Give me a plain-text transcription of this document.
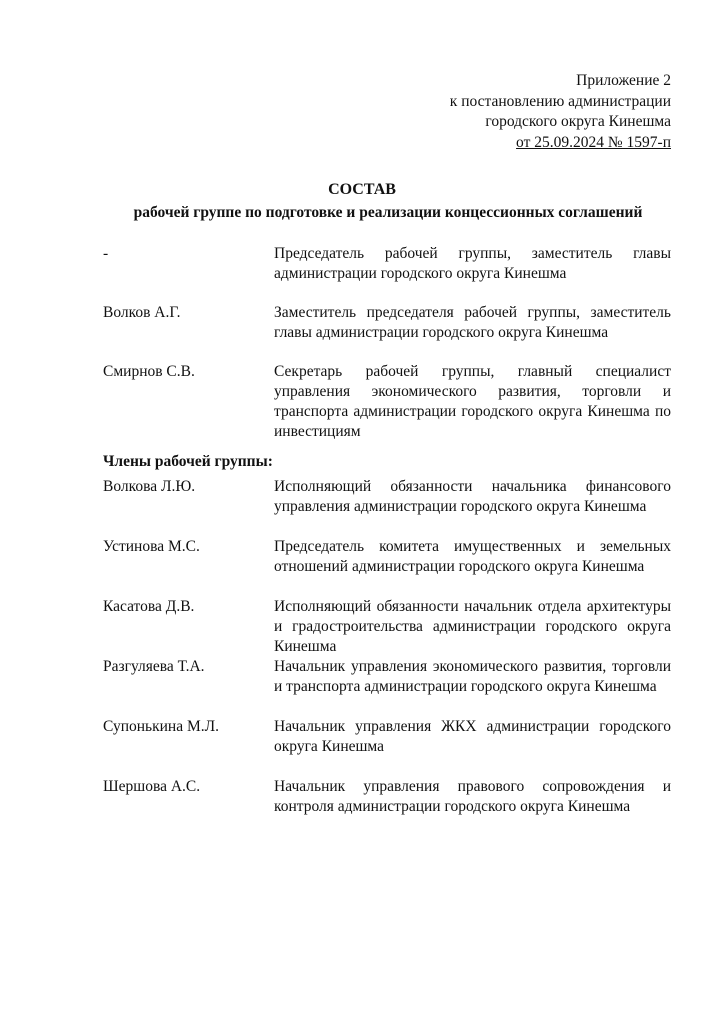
Приложение 2
к постановлению администрации
городского округа Кинешма
от 25.09.2024 № 1597-п
СОСТАВ
рабочей группе по подготовке и реализации концессионных соглашений
-	Председатель рабочей группы, заместитель главы администрации городского округа Кинешма
Волков А.Г.	Заместитель председателя рабочей группы, заместитель главы администрации городского округа Кинешма
Смирнов С.В.	Секретарь рабочей группы, главный специалист управления экономического развития, торговли и транспорта администрации городского округа Кинешма по инвестициям
Члены рабочей группы:
Волкова Л.Ю.	Исполняющий обязанности начальника финансового управления администрации городского округа Кинешма
Устинова М.С.	Председатель комитета имущественных и земельных отношений администрации городского округа Кинешма
Касатова Д.В.	Исполняющий обязанности начальник отдела архитектуры и градостроительства администрации городского округа Кинешма
Разгуляева Т.А.	Начальник управления экономического развития, торговли и транспорта администрации городского округа Кинешма
Супонькина М.Л.	Начальник управления ЖКХ администрации городского округа Кинешма
Шершова А.С.	Начальник управления правового сопровождения и контроля администрации городского округа Кинешма
